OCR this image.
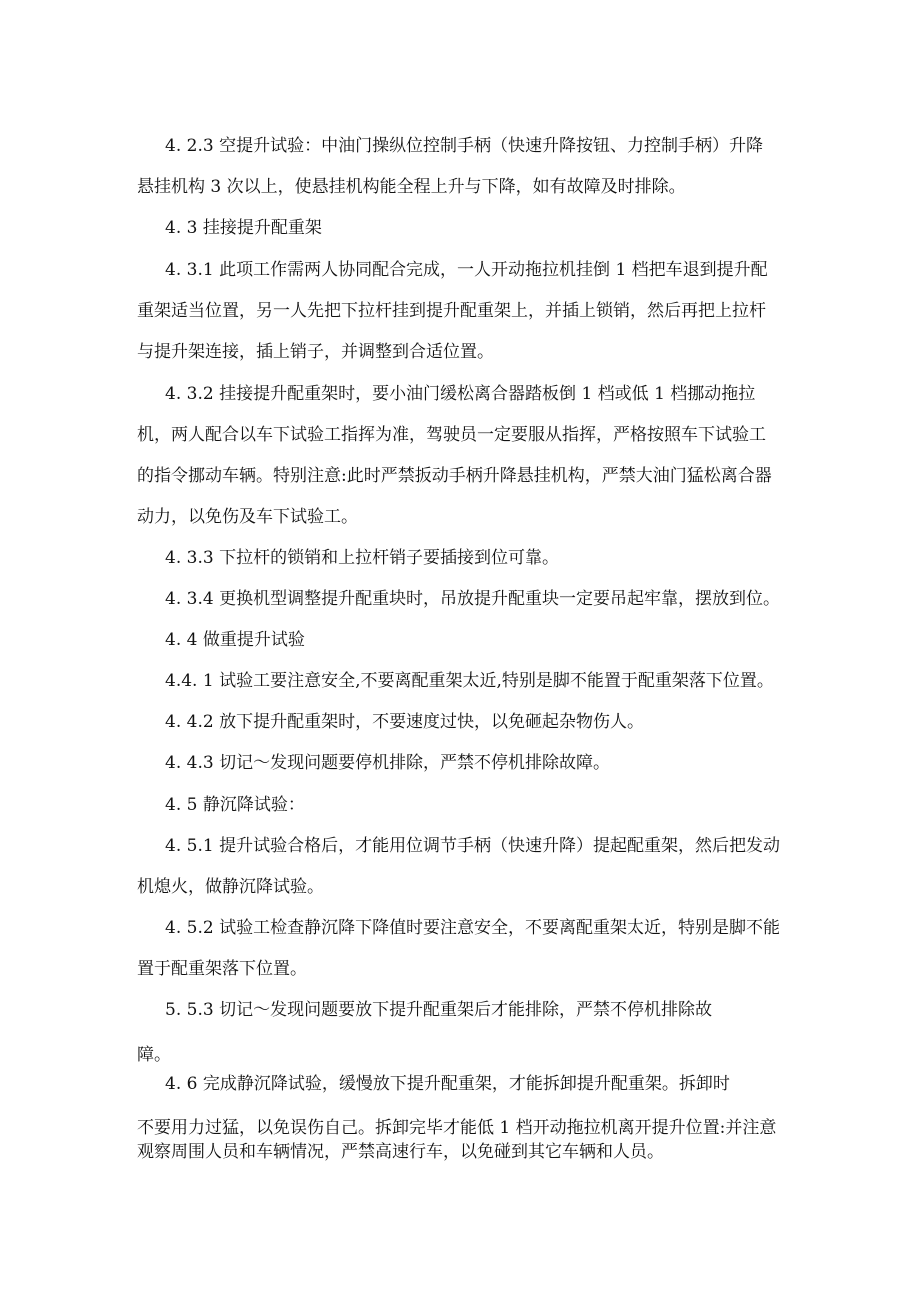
4. 2.3 空提升试验：中油门操纵位控制手柄（快速升降按钮、力控制手柄）升降
悬挂机构 3 次以上，使悬挂机构能全程上升与下降，如有故障及时排除。
4. 3 挂接提升配重架
4. 3.1 此项工作需两人协同配合完成，一人开动拖拉机挂倒 1 档把车退到提升配
重架适当位置，另一人先把下拉杆挂到提升配重架上，并插上锁销，然后再把上拉杆
与提升架连接，插上销子，并调整到合适位置。
4. 3.2 挂接提升配重架时，要小油门缓松离合器踏板倒 1 档或低 1 档挪动拖拉
机，两人配合以车下试验工指挥为准，驾驶员一定要服从指挥，严格按照车下试验工
的指令挪动车辆。特别注意:此时严禁扳动手柄升降悬挂机构，严禁大油门猛松离合器
动力，以免伤及车下试验工。
4. 3.3 下拉杆的锁销和上拉杆销子要插接到位可靠。
4. 3.4 更换机型调整提升配重块时，吊放提升配重块一定要吊起牢靠，摆放到位。
4. 4 做重提升试验
4.4. 1 试验工要注意安全,不要离配重架太近,特别是脚不能置于配重架落下位置。
4. 4.2 放下提升配重架时，不要速度过快，以免砸起杂物伤人。
4. 4.3 切记～发现问题要停机排除，严禁不停机排除故障。
4. 5 静沉降试验：
4. 5.1 提升试验合格后，才能用位调节手柄（快速升降）提起配重架，然后把发动
机熄火，做静沉降试验。
4. 5.2 试验工检查静沉降下降值时要注意安全，不要离配重架太近，特别是脚不能
置于配重架落下位置。
5. 5.3 切记～发现问题要放下提升配重架后才能排除，严禁不停机排除故
障。
4. 6 完成静沉降试验，缓慢放下提升配重架，才能拆卸提升配重架。拆卸时
不要用力过猛，以免误伤自己。拆卸完毕才能低 1 档开动拖拉机离开提升位置:并注意
观察周围人员和车辆情况，严禁高速行车，以免碰到其它车辆和人员。
